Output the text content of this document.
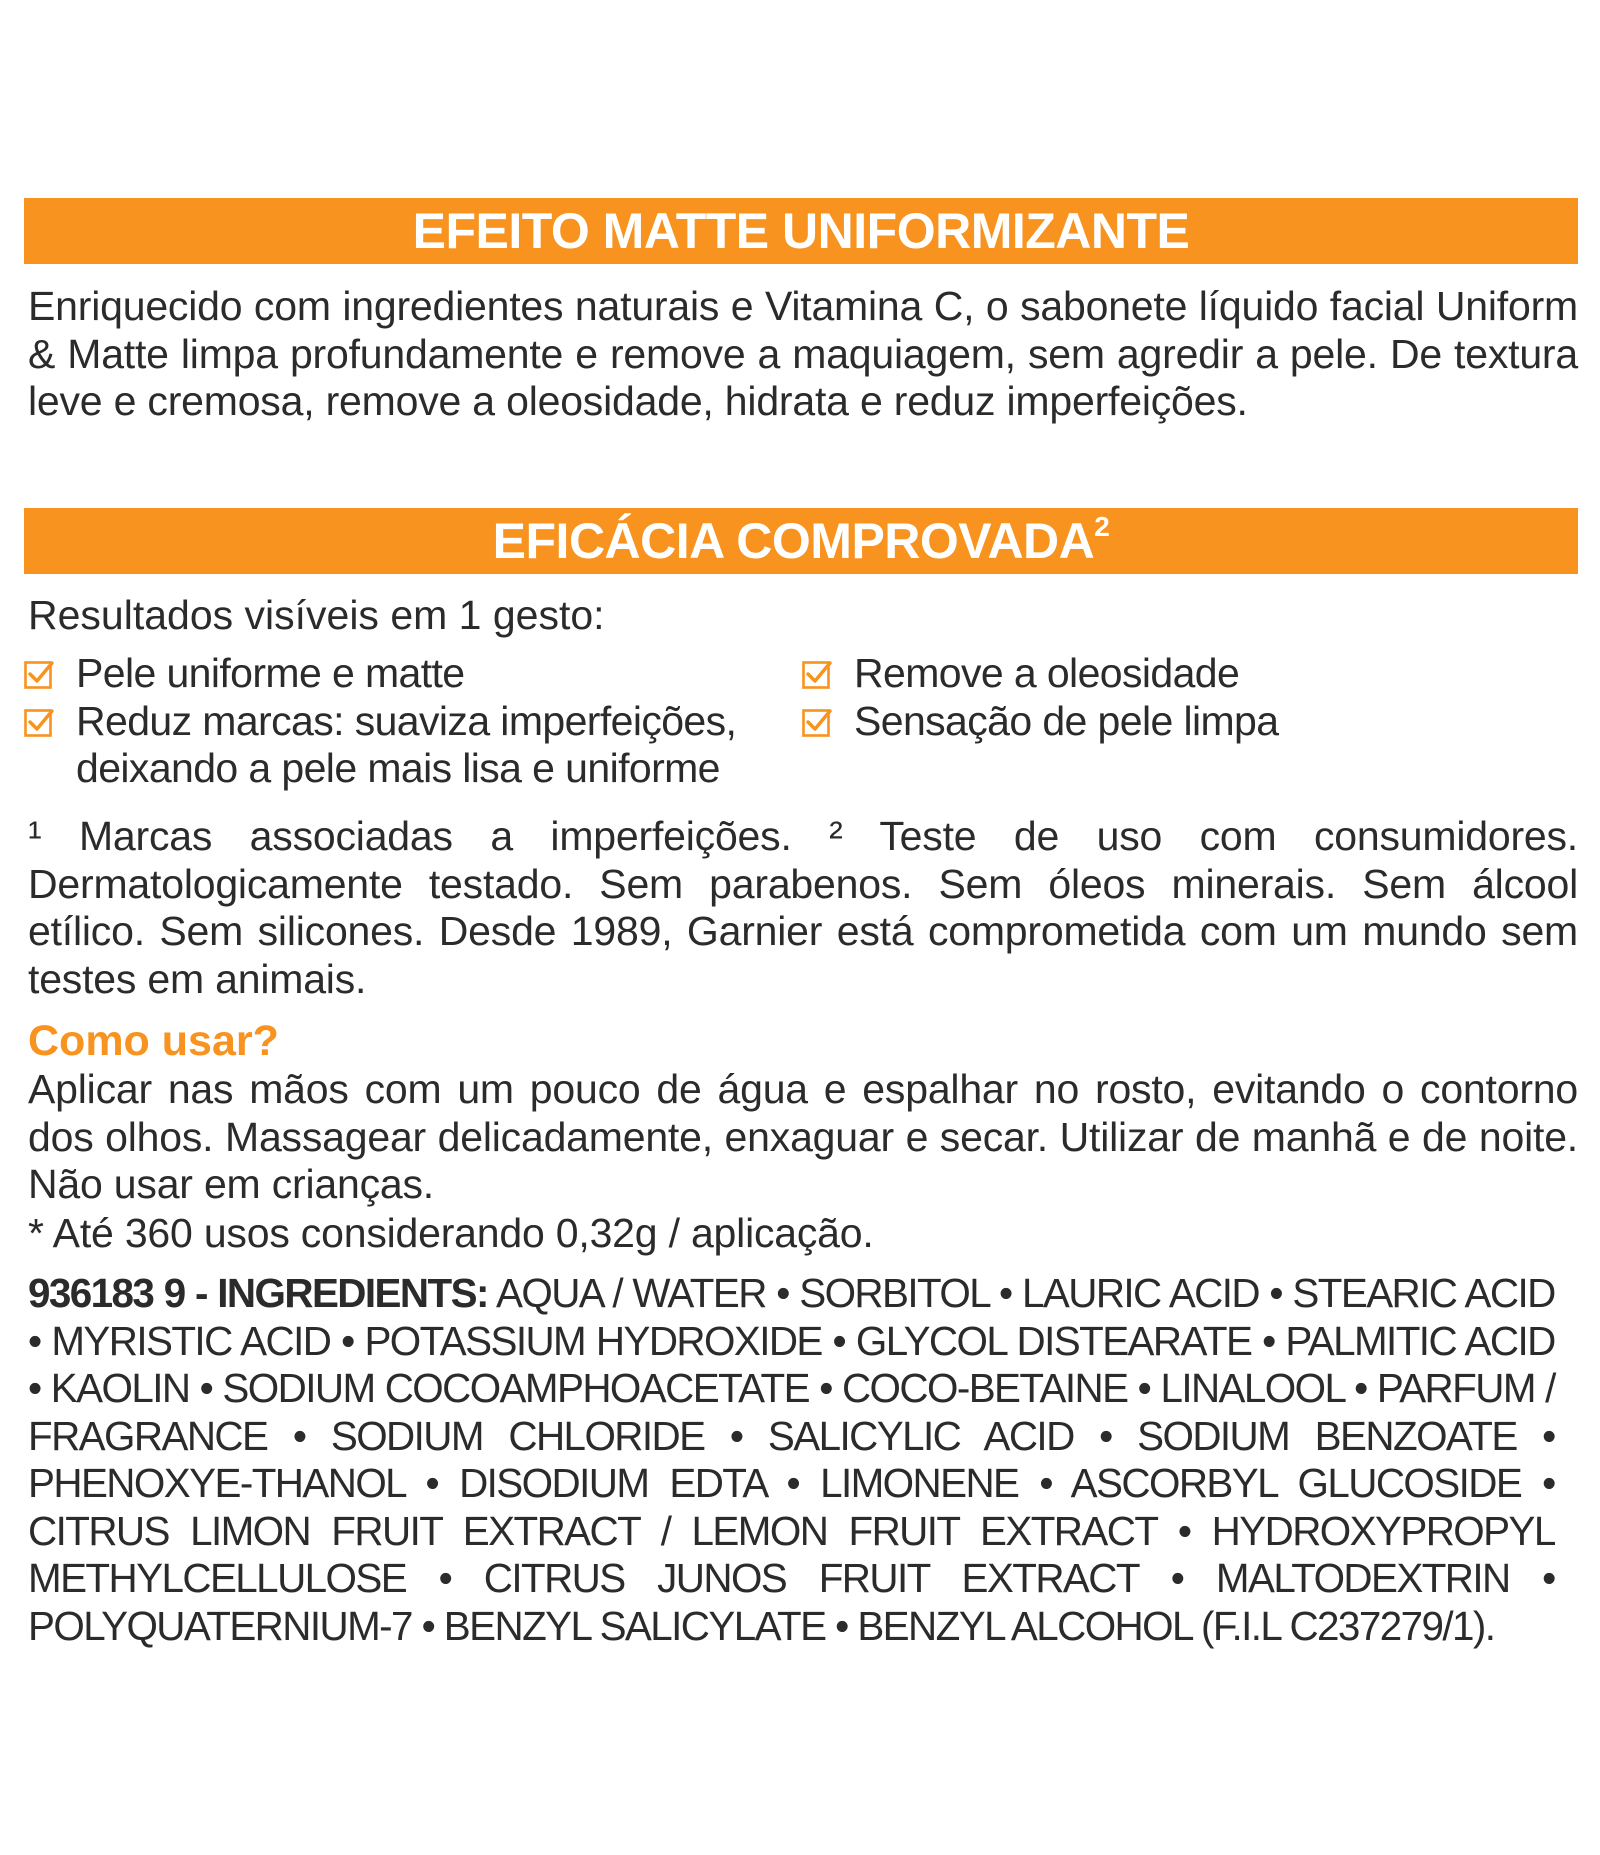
EFEITO MATTE UNIFORMIZANTE
Enriquecido com ingredientes naturais e Vitamina C, o sabonete líquido facial Uniform & Matte limpa profundamente e remove a maquiagem, sem agredir a pele. De textura leve e cremosa, remove a oleosidade, hidrata e reduz imperfeições.
EFICÁCIA COMPROVADA$^2$
Resultados visíveis em 1 gesto:
Pele uniforme e matte
Reduz marcas: suaviza imperfeições, deixando a pele mais lisa e uniforme
Remove a oleosidade
Sensação de pele limpa
¹ Marcas associadas a imperfeições. ² Teste de uso com consumidores. Dermatologicamente testado. Sem parabenos. Sem óleos minerais. Sem álcool etílico. Sem silicones. Desde 1989, Garnier está comprometida com um mundo sem testes em animais.
Como usar?
Aplicar nas mãos com um pouco de água e espalhar no rosto, evitando o contorno dos olhos. Massagear delicadamente, enxaguar e secar. Utilizar de manhã e de noite. Não usar em crianças.
* Até 360 usos considerando 0,32g / aplicação.
936183 9 - INGREDIENTS: AQUA / WATER • SORBITOL • LAURIC ACID • STEARIC ACID • MYRISTIC ACID • POTASSIUM HYDROXIDE • GLYCOL DISTEARATE • PALMITIC ACID • KAOLIN • SODIUM COCOAMPHOACETATE • COCO-BETAINE • LINALOOL • PARFUM / FRAGRANCE • SODIUM CHLORIDE • SALICYLIC ACID • SODIUM BENZOATE • PHENOXYE-THANOL • DISODIUM EDTA • LIMONENE • ASCORBYL GLUCOSIDE • CITRUS LIMON FRUIT EXTRACT / LEMON FRUIT EXTRACT • HYDROXYPROPYL METHYLCELLULOSE • CITRUS JUNOS FRUIT EXTRACT • MALTODEXTRIN • POLYQUATERNIUM-7 • BENZYL SALICYLATE • BENZYL ALCOHOL (F.I.L C237279/1).
